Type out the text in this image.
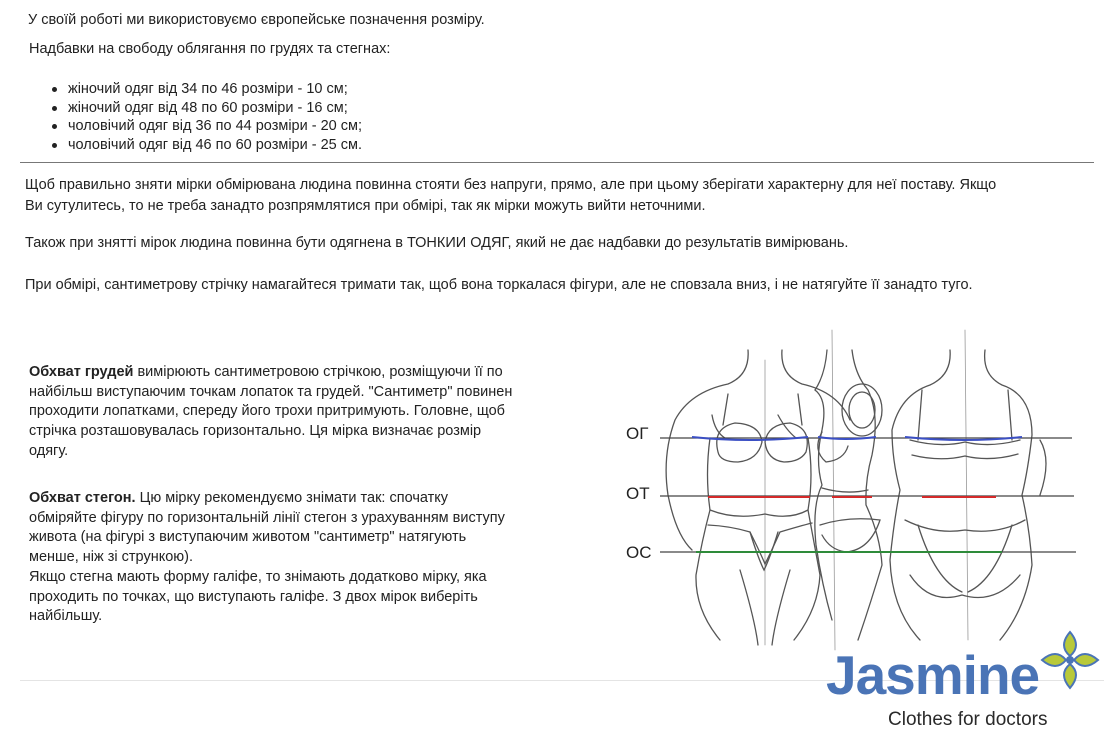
У своїй роботі ми використовуємо європейське позначення розміру.
Надбавки на свободу облягання по грудях та стегнах:
жіночий одяг від 34 по 46 розміри - 10 см;
жіночий одяг від 48 по 60 розміри - 16 см;
чоловічий одяг від 36 по 44 розміри - 20 см;
чоловічий одяг від 46 по 60 розміри - 25 см.
Щоб правильно зняти мірки обмірювана людина повинна стояти без напруги, прямо, але при цьому зберігати характерну для неї поставу. Якщо
Ви сутулитесь, то не треба занадто розпрямлятися при обмірі, так як мірки можуть вийти неточними.
Також при знятті мірок людина повинна бути одягнена в ТОНКИИ ОДЯГ, який не дає надбавки до результатів вимірювань.
При обмірі, сантиметрову стрічку намагайтеся тримати так, щоб вона торкалася фігури, але не сповзала вниз, і не натягуйте її занадто туго.
Обхват грудей вимірюють сантиметровою стрічкою, розміщуючи її по
найбільш виступаючим точкам лопаток та грудей. "Сантиметр" повинен
проходити лопатками, спереду його трохи притримують. Головне, щоб
стрічка розташовувалась горизонтально. Ця мірка визначає розмір
одягу.
Обхват стегон. Цю мірку рекомендуємо знімати так: спочатку
обміряйте фігуру по горизонтальній лінії стегон з урахуванням виступу
живота (на фігурі з виступаючим животом "сантиметр" натягують
менше, ніж зі стрункою).
Якщо стегна мають форму галіфе, то знімають додатково мірку, яка
проходить по точках, що виступають галіфе. З двох мірок виберіть
найбільшу.
ОГ
ОТ
ОС
Jasmine
Clothes for doctors
